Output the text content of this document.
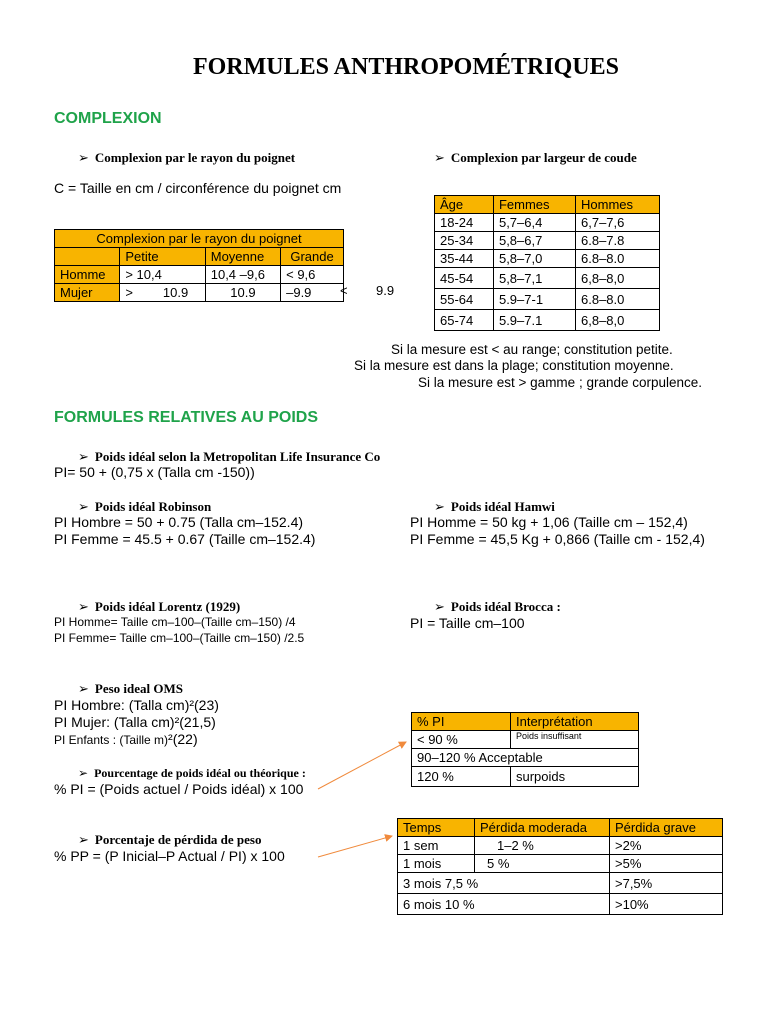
FORMULES ANTHROPOMÉTRIQUES
COMPLEXION
➢ Complexion par le rayon du poignet	➢ Complexion par largeur de coude
C = Taille en cm / circonférence du poignet cm
Complexion par le rayon du poignet			
	Petite	Moyenne	Grande
Homme	> 10,4	10,4 –9,6	< 9,6
Mujer	> 10.9	10.9	–9.9 < 9.9
Âge	Femmes	Hommes
18-24	5,7–6,4	6,7–7,6
25-34	5,8–6,7	6.8–7.8
35-44	5,8–7,0	6.8–8.0
45-54	5,8–7,1	6,8–8,0
55-64	5.9–7-1	6.8–8.0
65-74	5.9–7.1	6,8–8,0
Si la mesure est < au range; constitution petite.
Si la mesure est dans la plage; constitution moyenne.
Si la mesure est > gamme ; grande corpulence.
FORMULES RELATIVES AU POIDS
➢ Poids idéal selon la Metropolitan Life Insurance Co
PI= 50 + (0,75 x (Talla cm -150))
➢ Poids idéal Robinson
PI Hombre = 50 + 0.75 (Talla cm–152.4)
PI Femme = 45.5 + 0.67 (Taille cm–152.4)
➢ Poids idéal Hamwi
PI Homme = 50 kg + 1,06 (Taille cm – 152,4)
PI Femme = 45,5 Kg + 0,866 (Taille cm - 152,4)
➢ Poids idéal Lorentz (1929)
PI Homme= Taille cm–100–(Taille cm–150) /4
PI Femme= Taille cm–100–(Taille cm–150) /2.5
➢ Poids idéal Brocca :
PI = Taille cm–100
➢ Peso ideal OMS
PI Hombre: (Talla cm)²(23)
PI Mujer: (Talla cm)²(21,5)
PI Enfants : (Taille m)²(22)
➢ Pourcentage de poids idéal ou théorique :
% PI = (Poids actuel / Poids idéal) x 100
➢ Porcentaje de pérdida de peso
% PP = (P Inicial–P Actual / PI) x 100
% PI	Interprétation
< 90 %	Poids insuffisant
90–120 % Acceptable	
120 %	surpoids
Temps	Pérdida moderada	Pérdida grave
1 sem	1–2 %	>2%
1 mois	5 %	>5%
3 mois 7,5 %		>7,5%
6 mois 10 %		>10%
